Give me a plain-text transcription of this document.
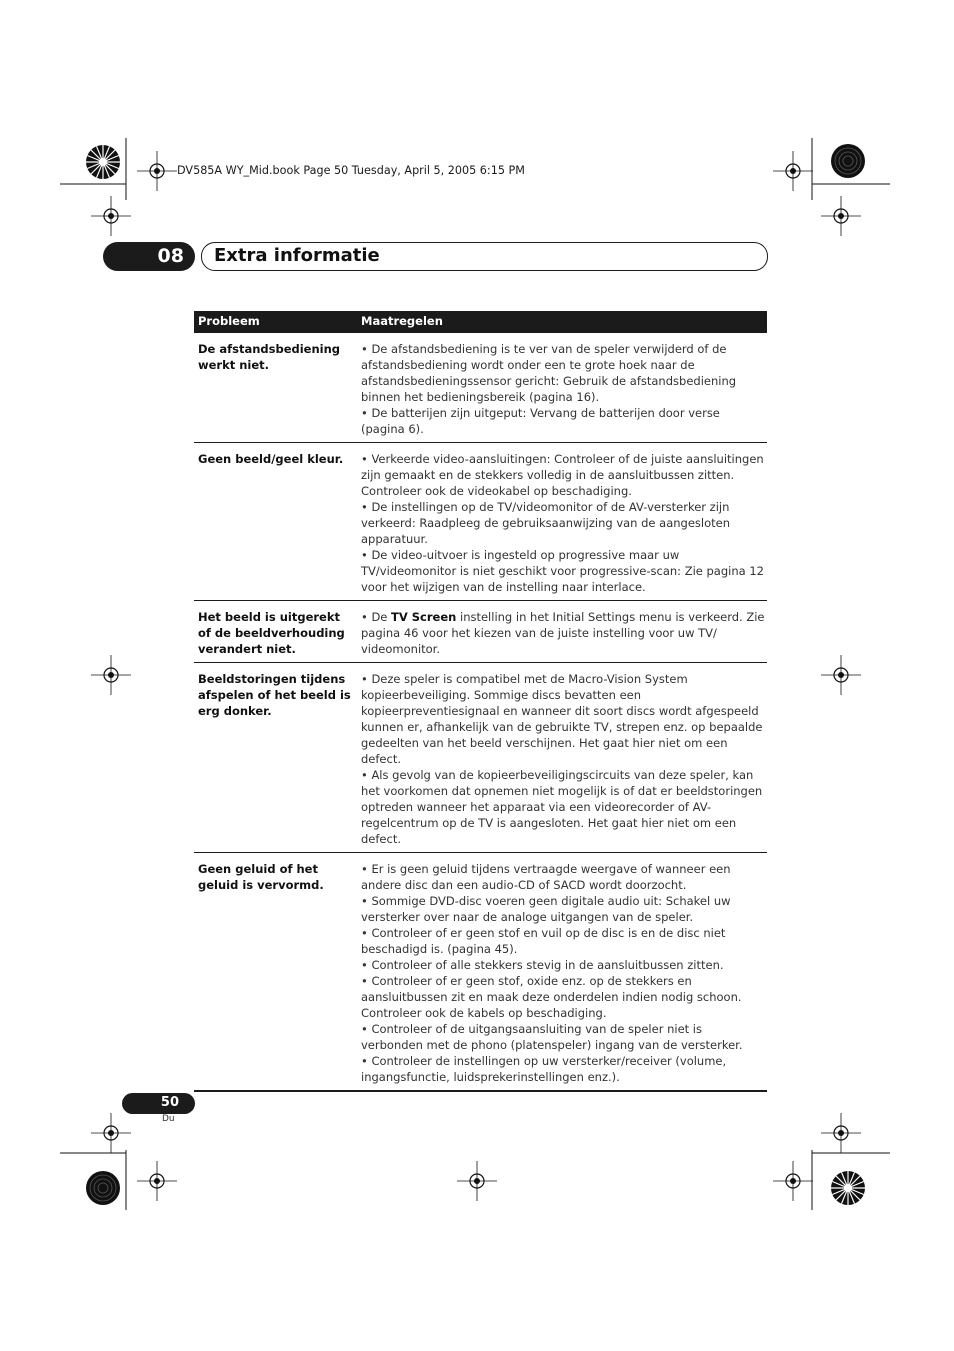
DV585A WY_Mid.book Page 50 Tuesday, April 5, 2005 6:15 PM
08 Extra informatie
Probleem	Maatregelen
De afstandsbediening werkt niet.

• De afstandsbediening is te ver van de speler verwijderd of de afstandsbediening wordt onder een te grote hoek naar de afstandsbedieningssensor gericht: Gebruik de afstandsbediening binnen het bedieningsbereik (pagina 16).

• De batterijen zijn uitgeput: Vervang de batterijen door verse (pagina 6).

Geen beeld/geel kleur.	• Verkeerde video-aansluitingen: Controleer of de juiste aansluitingen zijn gemaakt en de stekkers volledig in de aansluitbussen zitten. Controleer ook de videokabel op beschadiging.

• De instellingen op de TV/videomonitor of de AV-versterker zijn verkeerd: Raadpleeg de gebruiksaanwijzing van de aangesloten apparatuur.

• De video-uitvoer is ingesteld op progressive maar uw TV/videomonitor is niet geschikt voor progressive-scan: Zie pagina 12 voor het wijzigen van de instelling naar interlace.

Het beeld is uitgerekt of de beeldverhouding verandert niet.

• De TV Screen instelling in het Initial Settings menu is verkeerd. Zie pagina 46 voor het kiezen van de juiste instelling voor uw TV/ videomonitor.

Beeldstoringen tijdens afspelen of het beeld is erg donker.

• Deze speler is compatibel met de Macro-Vision System kopieerbeveiliging. Sommige discs bevatten een kopieerpreventiesignaal en wanneer dit soort discs wordt afgespeeld kunnen er, afhankelijk van de gebruikte TV, strepen enz. op bepaalde gedeelten van het beeld verschijnen. Het gaat hier niet om een defect.

• Als gevolg van de kopieerbeveiligingscircuits van deze speler, kan het voorkomen dat opnemen niet mogelijk is of dat er beeldstoringen optreden wanneer het apparaat via een videorecorder of AV-regelcentrum op de TV is aangesloten. Het gaat hier niet om een defect.

Geen geluid of het geluid is vervormd.

• Er is geen geluid tijdens vertraagde weergave of wanneer een andere disc dan een audio-CD of SACD wordt doorzocht.

• Sommige DVD-disc voeren geen digitale audio uit: Schakel uw versterker over naar de analoge uitgangen van de speler.

• Controleer of er geen stof en vuil op de disc is en de disc niet beschadigd is. (pagina 45).

• Controleer of alle stekkers stevig in de aansluitbussen zitten.

• Controleer of er geen stof, oxide enz. op de stekkers en aansluitbussen zit en maak deze onderdelen indien nodig schoon. Controleer ook de kabels op beschadiging.

• Controleer of de uitgangsaansluiting van de speler niet is verbonden met de phono (platenspeler) ingang van de versterker.

• Controleer de instellingen op uw versterker/receiver (volume, ingangsfunctie, luidsprekerinstellingen enz.).

50
Du
